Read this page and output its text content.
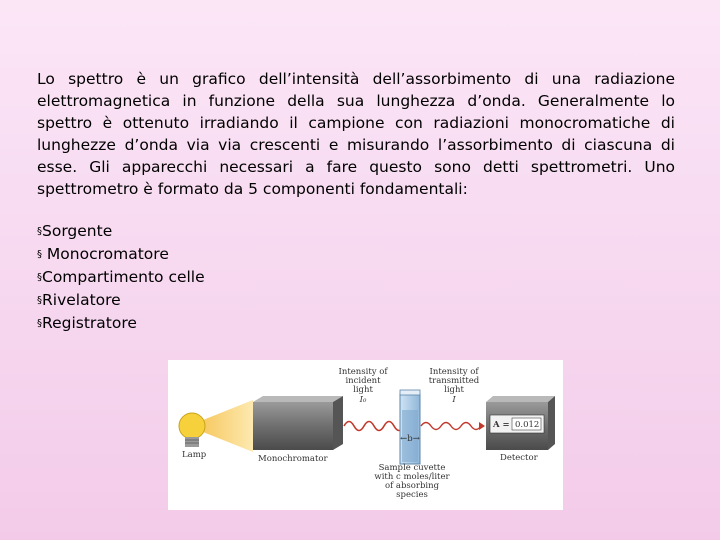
Lo spettro è un grafico dell’intensità dell’assorbimento di una radiazione elettromagnetica in funzione della sua lunghezza d’onda. Generalmente lo spettro è ottenuto irradiando il campione con radiazioni monocromatiche di lunghezze d’onda via via crescenti e misurando l’assorbimento di ciascuna di esse. Gli apparecchi necessari a fare questo sono detti spettrometri. Uno spettrometro è formato da 5 componenti fondamentali:

§Sorgente
§ Monocromatore
§Compartimento celle
§Rivelatore
§Registratore
Lamp	Monochromator
Intensity of
incident
light
I₀
←b→
Intensity of
transmitted
light
I
Sample cuvette
with c moles/liter
of absorbing
species
A = 0.012
Detector
